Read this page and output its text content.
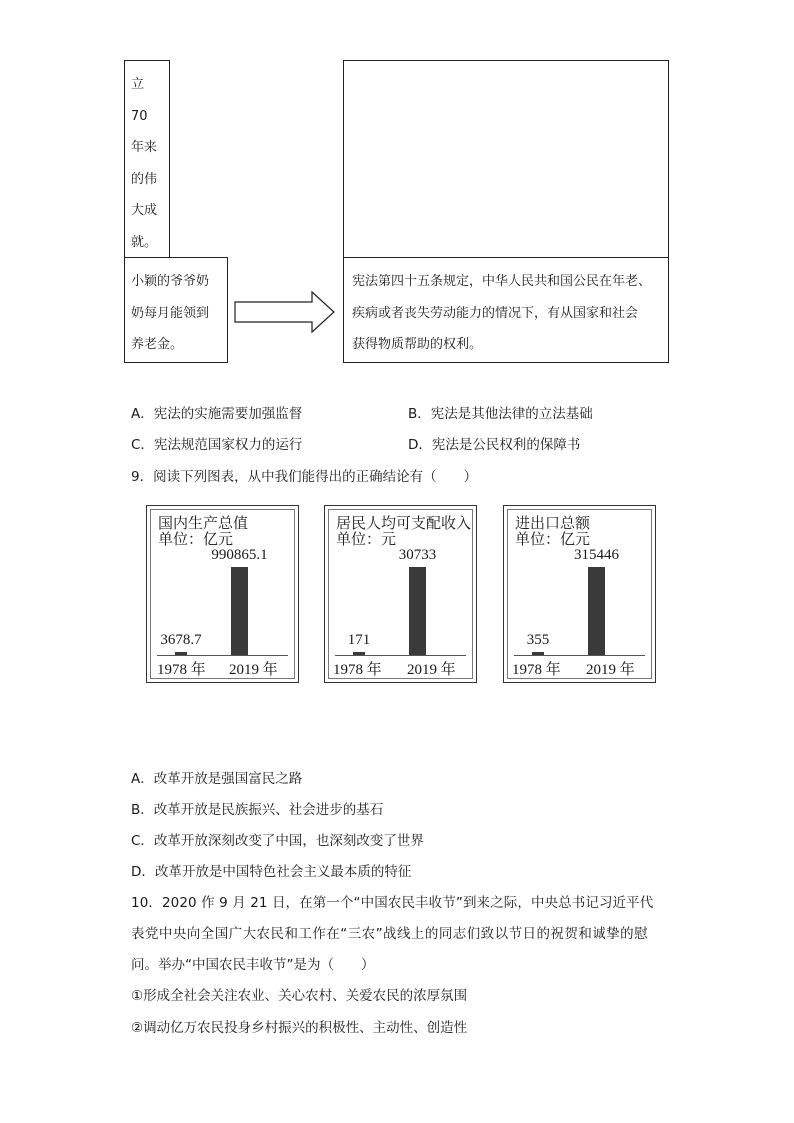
立
70
年来
的伟
大成
就。
小颖的爷爷奶
奶每月能领到
养老金。
宪法第四十五条规定，中华人民共和国公民在年老、
疾病或者丧失劳动能力的情况下，有从国家和社会
获得物质帮助的权利。
A．宪法的实施需要加强监督	B．宪法是其他法律的立法基础
C．宪法规范国家权力的运行	D．宪法是公民权利的保障书
9．阅读下列图表，从中我们能得出的正确结论有（　　）
国内生产总值
单位：亿元
3678.7
990865.1
1978 年 2019 年
居民人均可支配收入
单位：元
171
30733
1978 年 2019 年
进出口总额
单位：亿元
355
315446
1978 年 2019 年
A．改革开放是强国富民之路
B．改革开放是民族振兴、社会进步的基石
C．改革开放深刻改变了中国，也深刻改变了世界
D．改革开放是中国特色社会主义最本质的特征
10．2020 作 9 月 21 日，在第一个“中国农民丰收节”到来之际，中央总书记习近平代
表党中央向全国广大农民和工作在“三农”战线上的同志们致以节日的祝贺和诚挚的慰
问。举办“中国农民丰收节”是为（　　）
①形成全社会关注农业、关心农村、关爱农民的浓厚氛围
②调动亿万农民投身乡村振兴的积极性、主动性、创造性
